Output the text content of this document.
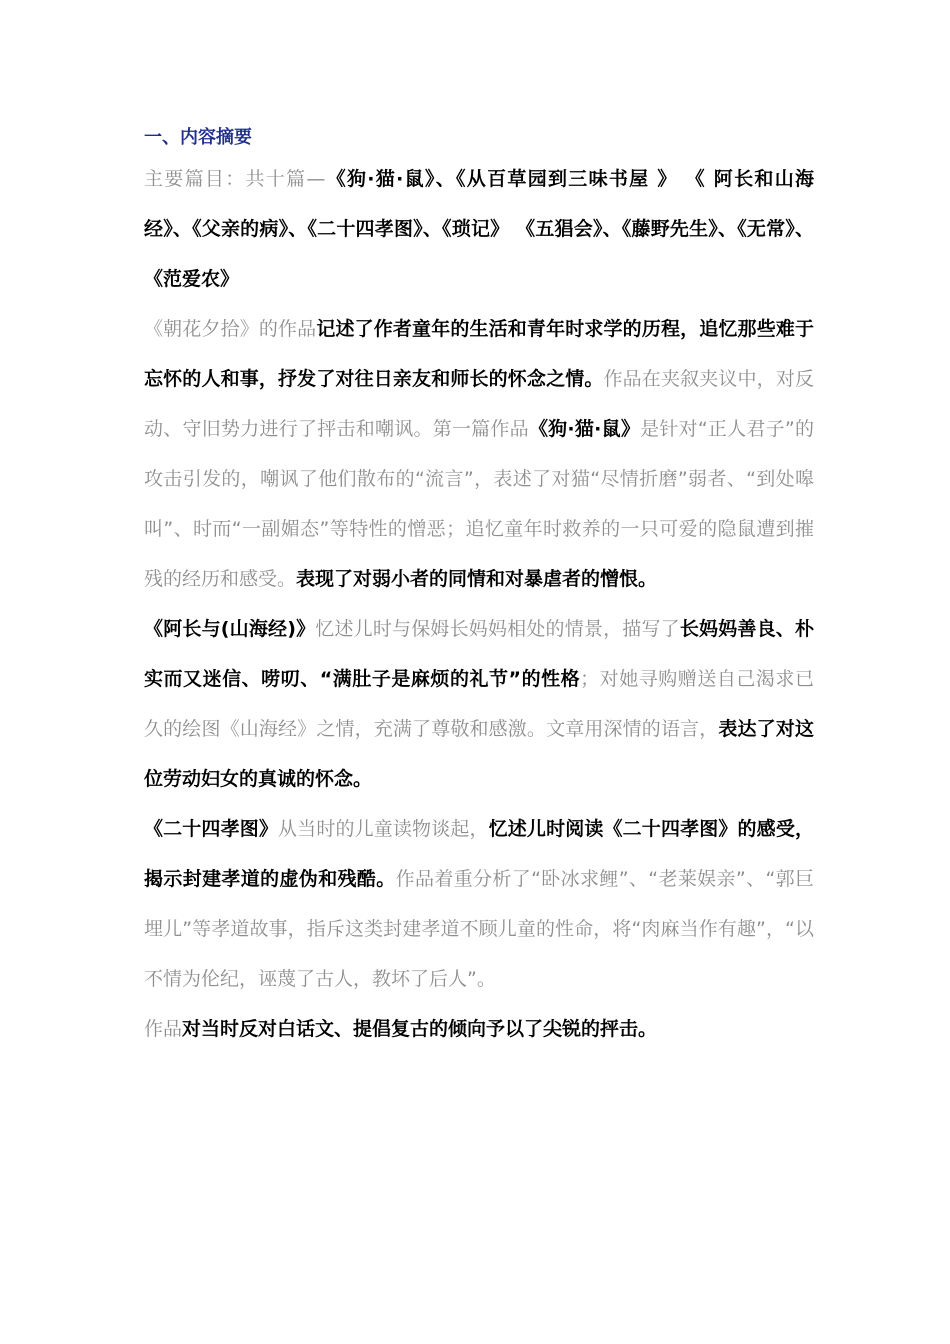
一、内容摘要

主要篇目：共十篇—《狗·猫·鼠》、《从百草园到三味书屋 》 《 阿长和山海经》、《父亲的病》、《二十四孝图》、《琐记》 《五猖会》、《藤野先生》、《无常》、《范爱农》

《朝花夕拾》的作品记述了作者童年的生活和青年时求学的历程，追忆那些难于忘怀的人和事，抒发了对往日亲友和师长的怀念之情。作品在夹叙夹议中，对反动、守旧势力进行了抨击和嘲讽。第一篇作品《狗·猫·鼠》是针对“正人君子”的攻击引发的，嘲讽了他们散布的“流言”，表述了对猫“尽情折磨”弱者、“到处嗥叫”、时而“一副媚态”等特性的憎恶；追忆童年时救养的一只可爱的隐鼠遭到摧残的经历和感受。表现了对弱小者的同情和对暴虐者的憎恨。

《阿长与(山海经)》忆述儿时与保姆长妈妈相处的情景，描写了长妈妈善良、朴实而又迷信、唠叨、“满肚子是麻烦的礼节”的性格；对她寻购赠送自己渴求已久的绘图《山海经》之情，充满了尊敬和感激。文章用深情的语言，表达了对这位劳动妇女的真诚的怀念。

《二十四孝图》从当时的儿童读物谈起，忆述儿时阅读《二十四孝图》的感受，揭示封建孝道的虚伪和残酷。作品着重分析了“卧冰求鲤”、“老莱娱亲”、“郭巨埋儿”等孝道故事，指斥这类封建孝道不顾儿童的性命，将“肉麻当作有趣”，“以不情为伦纪，诬蔑了古人，教坏了后人”。

作品对当时反对白话文、提倡复古的倾向予以了尖锐的抨击。
